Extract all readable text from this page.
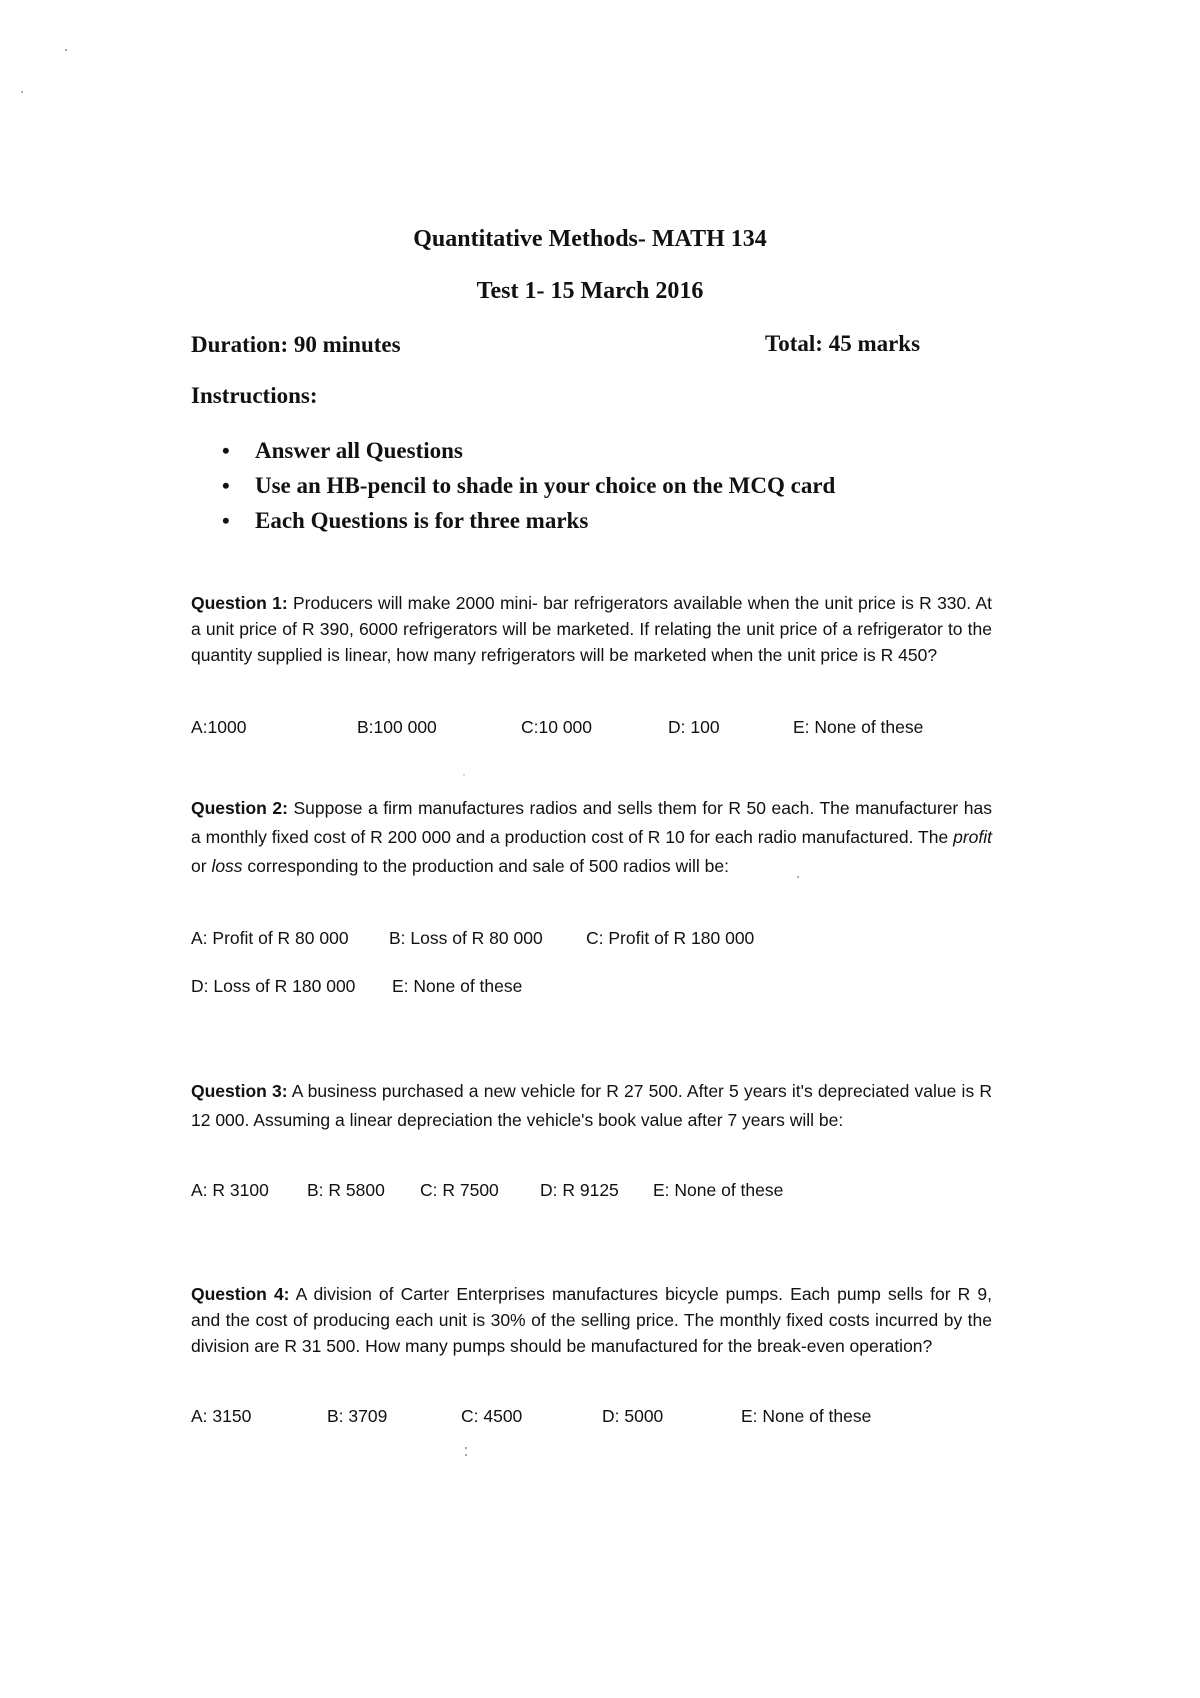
Quantitative Methods- MATH 134
Test 1- 15 March 2016
Duration: 90 minutes	Total: 45 marks
Instructions:
• Answer all Questions
• Use an HB-pencil to shade in your choice on the MCQ card
• Each Questions is for three marks
Question 1: Producers will make 2000 mini- bar refrigerators available when the unit price is R 330. At a unit price of R 390, 6000 refrigerators will be marketed. If relating the unit price of a refrigerator to the quantity supplied is linear, how many refrigerators will be marketed when the unit price is R 450?
A:1000	B:100 000	C:10 000	D: 100	E: None of these
Question 2: Suppose a firm manufactures radios and sells them for R 50 each. The manufacturer has a monthly fixed cost of R 200 000 and a production cost of R 10 for each radio manufactured. The profit or loss corresponding to the production and sale of 500 radios will be:
A: Profit of R 80 000 B: Loss of R 80 000 C: Profit of R 180 000
D: Loss of R 180 000 E: None of these
Question 3: A business purchased a new vehicle for R 27 500. After 5 years it's depreciated value is R 12 000. Assuming a linear depreciation the vehicle's book value after 7 years will be:
A: R 3100 B: R 5800 C: R 7500 D: R 9125 E: None of these
Question 4: A division of Carter Enterprises manufactures bicycle pumps. Each pump sells for R 9, and the cost of producing each unit is 30% of the selling price. The monthly fixed costs incurred by the division are R 31 500. How many pumps should be manufactured for the break-even operation?
A: 3150	B: 3709	C: 4500	D: 5000	E: None of these
